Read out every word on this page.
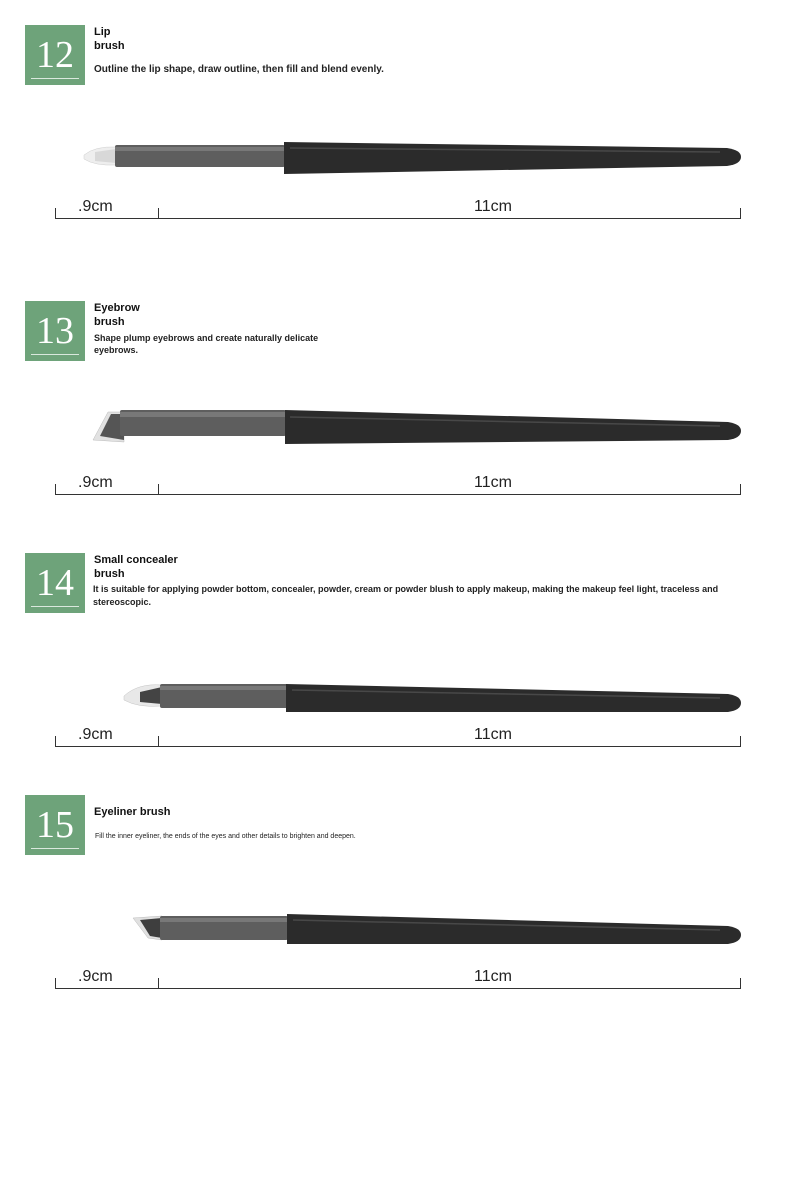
12
Lip
brush
Outline the lip shape, draw outline, then fill and blend evenly.
.9cm	11cm
13
Eyebrow
brush
Shape plump eyebrows and create naturally delicate eyebrows.
.9cm	11cm
14
Small concealer
brush
It is suitable for applying powder bottom, concealer, powder, cream or powder blush to apply makeup, making the makeup feel light, traceless and stereoscopic.
.9cm	11cm
15	Eyeliner brush
Fill the inner eyeliner, the ends of the eyes and other details to brighten and deepen.
.9cm	11cm
